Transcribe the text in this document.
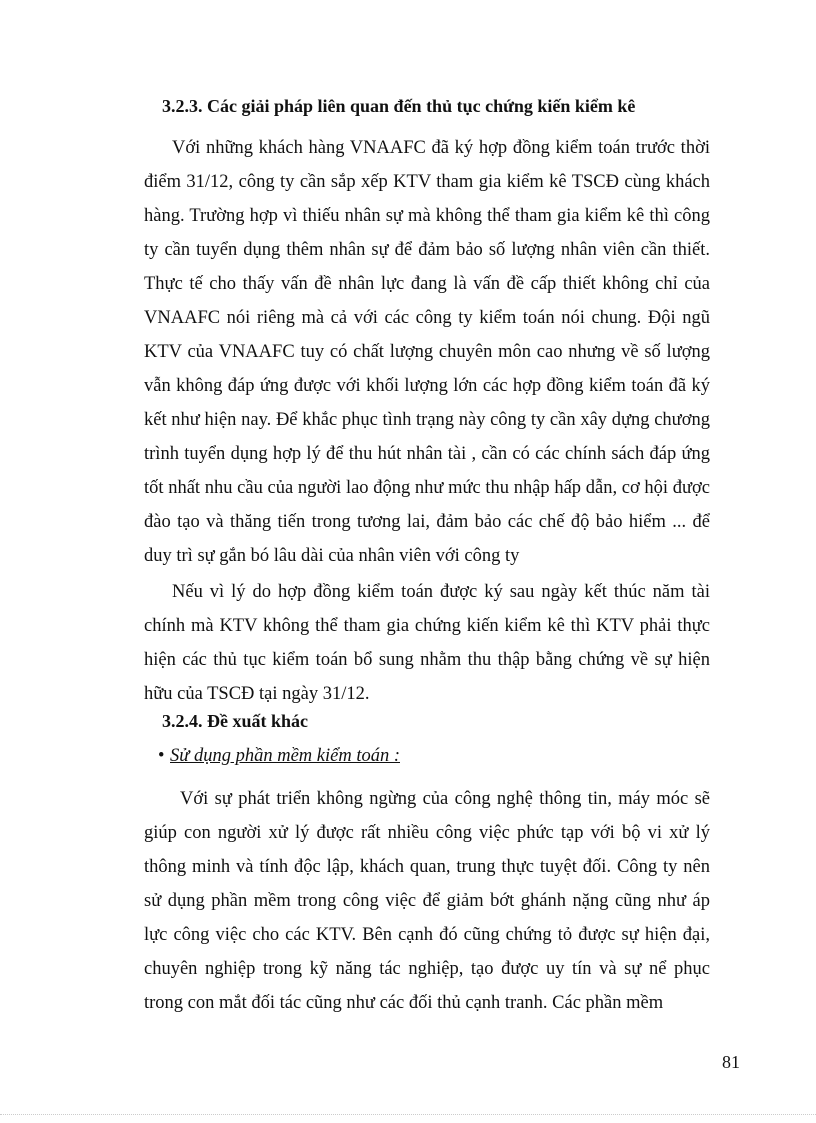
3.2.3. Các giải pháp liên quan đến thủ tục chứng kiến kiểm kê

Với những khách hàng VNAAFC đã ký hợp đồng kiểm toán trước thời điểm 31/12, công ty cần sắp xếp KTV tham gia kiểm kê TSCĐ cùng khách hàng. Trường hợp vì thiếu nhân sự mà không thể tham gia kiểm kê thì công ty cần tuyển dụng thêm nhân sự để đảm bảo số lượng nhân viên cần thiết. Thực tế cho thấy vấn đề nhân lực đang là vấn đề cấp thiết không chỉ của VNAAFC nói riêng mà cả với các công ty kiểm toán nói chung. Đội ngũ KTV của VNAAFC tuy có chất lượng chuyên môn cao nhưng về số lượng vẫn không đáp ứng được với khối lượng lớn các hợp đồng kiểm toán đã ký kết như hiện nay. Để khắc phục tình trạng này công ty cần xây dựng chương trình tuyển dụng hợp lý để thu hút nhân tài , cần có các chính sách đáp ứng tốt nhất nhu cầu của người lao động như mức thu nhập hấp dẫn, cơ hội được đào tạo và thăng tiến trong tương lai, đảm bảo các chế độ bảo hiểm ... để duy trì sự gắn bó lâu dài của nhân viên với công ty

Nếu vì lý do hợp đồng kiểm toán được ký sau ngày kết thúc năm tài chính mà KTV không thể tham gia chứng kiến kiểm kê thì KTV phải thực hiện các thủ tục kiểm toán bổ sung nhằm thu thập bằng chứng về sự hiện hữu của TSCĐ tại ngày 31/12.

3.2.4. Đề xuất khác

• Sử dụng phần mềm kiểm toán :

Với sự phát triển không ngừng của công nghệ thông tin, máy móc sẽ giúp con người xử lý được rất nhiều công việc phức tạp với bộ vi xử lý thông minh và tính độc lập, khách quan, trung thực tuyệt đối. Công ty nên sử dụng phần mềm trong công việc để giảm bớt ghánh nặng cũng như áp lực công việc cho các KTV. Bên cạnh đó cũng chứng tỏ được sự hiện đại, chuyên nghiệp trong kỹ năng tác nghiệp, tạo được uy tín và sự nể phục trong con mắt đối tác cũng như các đối thủ cạnh tranh. Các phần mềm

81
